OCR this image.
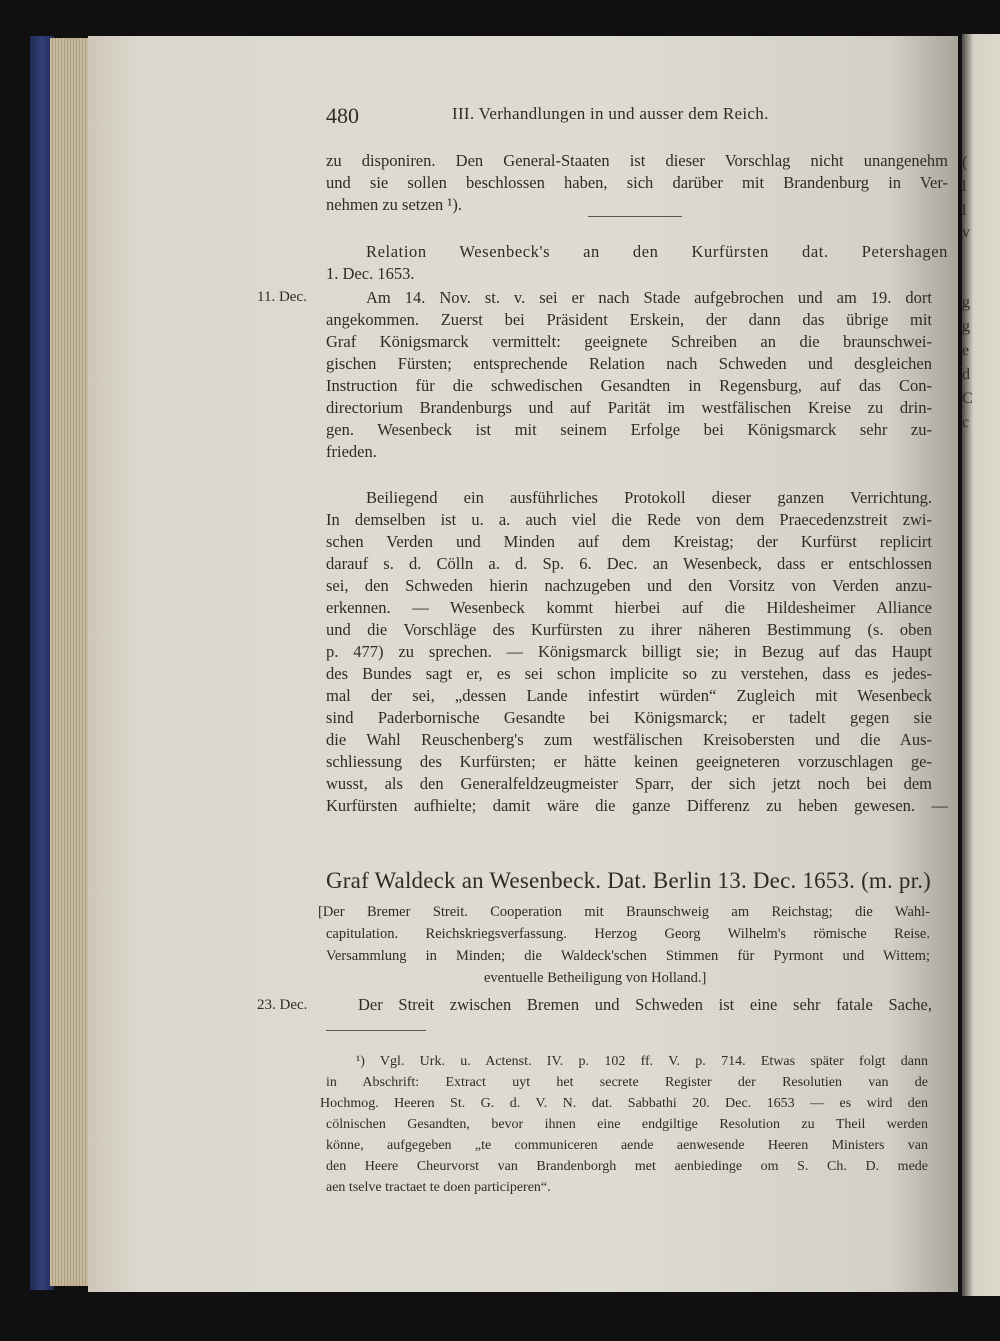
(
l
l
v
g
g
e
d
C
c
480	III. Verhandlungen in und ausser dem Reich.
zu disponiren. Den General-Staaten ist dieser Vorschlag nicht unangenehm
und sie sollen beschlossen haben, sich darüber mit Brandenburg in Ver-
nehmen zu setzen ¹).
Relation Wesenbeck's an den Kurfürsten dat. Petershagen
1. Dec. 1653.
11. Dec.	Am 14. Nov. st. v. sei er nach Stade aufgebrochen und am 19. dort
angekommen. Zuerst bei Präsident Erskein, der dann das übrige mit
Graf Königsmarck vermittelt: geeignete Schreiben an die braunschwei-
gischen Fürsten; entsprechende Relation nach Schweden und desgleichen
Instruction für die schwedischen Gesandten in Regensburg, auf das Con-
directorium Brandenburgs und auf Parität im westfälischen Kreise zu drin-
gen. Wesenbeck ist mit seinem Erfolge bei Königsmarck sehr zu-
frieden.
Beiliegend ein ausführliches Protokoll dieser ganzen Verrichtung.
In demselben ist u. a. auch viel die Rede von dem Praecedenzstreit zwi-
schen Verden und Minden auf dem Kreistag; der Kurfürst replicirt
darauf s. d. Cölln a. d. Sp. 6. Dec. an Wesenbeck, dass er entschlossen
sei, den Schweden hierin nachzugeben und den Vorsitz von Verden anzu-
erkennen. — Wesenbeck kommt hierbei auf die Hildesheimer Alliance
und die Vorschläge des Kurfürsten zu ihrer näheren Bestimmung (s. oben
p. 477) zu sprechen. — Königsmarck billigt sie; in Bezug auf das Haupt
des Bundes sagt er, es sei schon implicite so zu verstehen, dass es jedes-
mal der sei, „dessen Lande infestirt würden“ Zugleich mit Wesenbeck
sind Paderbornische Gesandte bei Königsmarck; er tadelt gegen sie
die Wahl Reuschenberg's zum westfälischen Kreisobersten und die Aus-
schliessung des Kurfürsten; er hätte keinen geeigneteren vorzuschlagen ge-
wusst, als den Generalfeldzeugmeister Sparr, der sich jetzt noch bei dem
Kurfürsten aufhielte; damit wäre die ganze Differenz zu heben gewesen. —
Graf Waldeck an Wesenbeck. Dat. Berlin 13. Dec. 1653. (m. pr.)
[Der Bremer Streit. Cooperation mit Braunschweig am Reichstag; die Wahl-
capitulation. Reichskriegsverfassung. Herzog Georg Wilhelm's römische Reise.
Versammlung in Minden; die Waldeck'schen Stimmen für Pyrmont und Wittem;
eventuelle Betheiligung von Holland.]
23. Dec.	Der Streit zwischen Bremen und Schweden ist eine sehr fatale Sache,
¹) Vgl. Urk. u. Actenst. IV. p. 102 ff. V. p. 714. Etwas später folgt dann
in Abschrift: Extract uyt het secrete Register der Resolutien van de
Hochmog. Heeren St. G. d. V. N. dat. Sabbathi 20. Dec. 1653 — es wird den
cölnischen Gesandten, bevor ihnen eine endgiltige Resolution zu Theil werden
könne, aufgegeben „te communiceren aende aenwesende Heeren Ministers van
den Heere Cheurvorst van Brandenborgh met aenbiedinge om S. Ch. D. mede
aen tselve tractaet te doen participeren“.
